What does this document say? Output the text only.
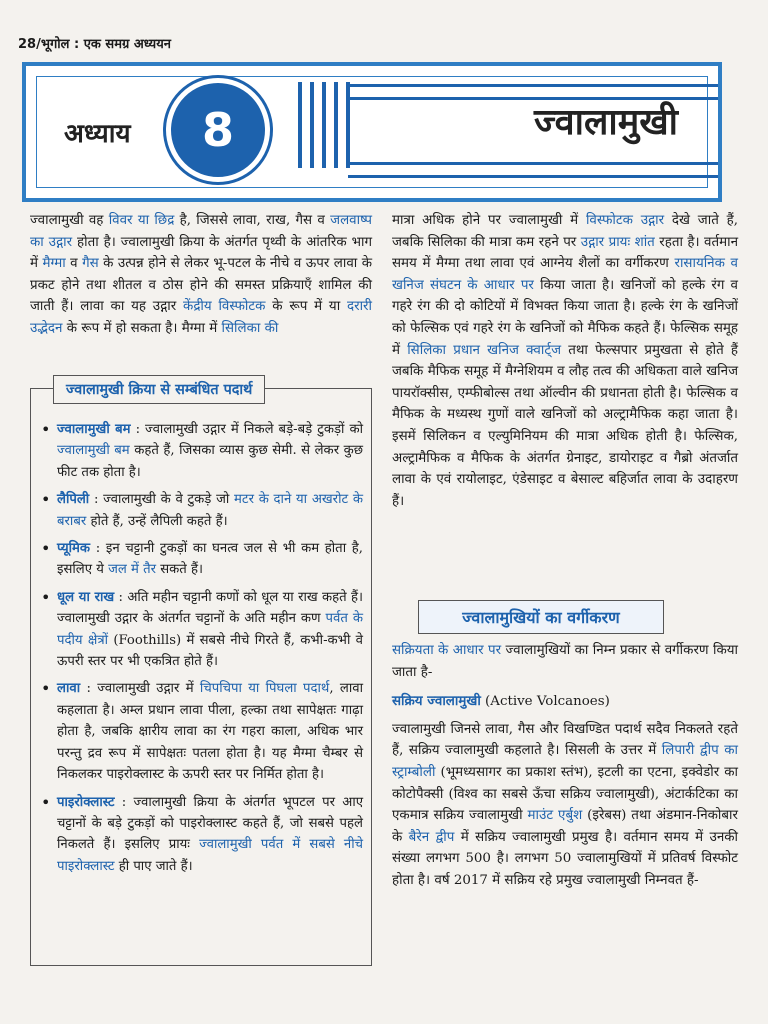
28/भूगोल : एक समग्र अध्ययन
अध्याय	8	ज्वालामुखी

ज्वालामुखी वह विवर या छिद्र है, जिससे लावा, राख, गैस व जलवाष्प का उद्गार होता है। ज्वालामुखी क्रिया के अंतर्गत पृथ्वी के आंतरिक भाग में मैग्मा व गैस के उत्पन्न होने से लेकर भू-पटल के नीचे व ऊपर लावा के प्रकट होने तथा शीतल व ठोस होने की समस्त प्रक्रियाएँ शामिल की जाती हैं। लावा का यह उद्गार केंद्रीय विस्फोटक के रूप में या दरारी उद्भेदन के रूप में हो सकता है। मैग्मा में सिलिका की

ज्वालामुखी क्रिया से सम्बंधित पदार्थ
• ज्वालामुखी बम : ज्वालामुखी उद्गार में निकले बड़े-बड़े टुकड़ों को ज्वालामुखी बम कहते हैं, जिसका व्यास कुछ सेमी. से लेकर कुछ फीट तक होता है।
• लैपिली : ज्वालामुखी के वे टुकड़े जो मटर के दाने या अखरोट के बराबर होते हैं, उन्हें लैपिली कहते हैं।
• प्यूमिक : इन चट्टानी टुकड़ों का घनत्व जल से भी कम होता है, इसलिए ये जल में तैर सकते हैं।
• धूल या राख : अति महीन चट्टानी कणों को धूल या राख कहते हैं। ज्वालामुखी उद्गार के अंतर्गत चट्टानों के अति महीन कण पर्वत के पदीय क्षेत्रों (Foothills) में सबसे नीचे गिरते हैं, कभी-कभी वे ऊपरी स्तर पर भी एकत्रित होते हैं।
• लावा : ज्वालामुखी उद्गार में चिपचिपा या पिघला पदार्थ, लावा कहलाता है। अम्ल प्रधान लावा पीला, हल्का तथा सापेक्षतः गाढ़ा होता है, जबकि क्षारीय लावा का रंग गहरा काला, अधिक भार परन्तु द्रव रूप में सापेक्षतः पतला होता है। यह मैग्मा चैम्बर से निकलकर पाइरोक्लास्ट के ऊपरी स्तर पर निर्मित होता है।
• पाइरोक्लास्ट : ज्वालामुखी क्रिया के अंतर्गत भूपटल पर आए चट्टानों के बड़े टुकड़ों को पाइरोक्लास्ट कहते हैं, जो सबसे पहले निकलते हैं। इसलिए प्रायः ज्वालामुखी पर्वत में सबसे नीचे पाइरोक्लास्ट ही पाए जाते हैं।

मात्रा अधिक होने पर ज्वालामुखी में विस्फोटक उद्गार देखे जाते हैं, जबकि सिलिका की मात्रा कम रहने पर उद्गार प्रायः शांत रहता है। वर्तमान समय में मैग्मा तथा लावा एवं आग्नेय शैलों का वर्गीकरण रासायनिक व खनिज संघटन के आधार पर किया जाता है। खनिजों को हल्के रंग व गहरे रंग की दो कोटियों में विभक्त किया जाता है। हल्के रंग के खनिजों को फेल्सिक एवं गहरे रंग के खनिजों को मैफिक कहते हैं। फेल्सिक समूह में सिलिका प्रधान खनिज क्वार्ट्ज तथा फेल्सपार प्रमुखता से होते हैं जबकि मैफिक समूह में मैग्नेशियम व लौह तत्व की अधिकता वाले खनिज पायरॉक्सीस, एम्फीबोल्स तथा ऑल्वीन की प्रधानता होती है। फेल्सिक व मैफिक के मध्यस्थ गुणों वाले खनिजों को अल्ट्रामैफिक कहा जाता है। इसमें सिलिकन व एल्युमिनियम की मात्रा अधिक होती है। फेल्सिक, अल्ट्रामैफिक व मैफिक के अंतर्गत ग्रेनाइट, डायोराइट व गैब्रो अंतर्जात लावा के एवं रायोलाइट, एंडेसाइट व बेसाल्ट बहिर्जात लावा के उदाहरण हैं।

ज्वालामुखियों का वर्गीकरण

सक्रियता के आधार पर ज्वालामुखियों का निम्न प्रकार से वर्गीकरण किया जाता है-

सक्रिय ज्वालामुखी (Active Volcanoes)

ज्वालामुखी जिनसे लावा, गैस और विखण्डित पदार्थ सदैव निकलते रहते हैं, सक्रिय ज्वालामुखी कहलाते है। सिसली के उत्तर में लिपारी द्वीप का स्ट्राम्बोली (भूमध्यसागर का प्रकाश स्तंभ), इटली का एटना, इक्वेडोर का कोटोपैक्सी (विश्व का सबसे ऊँचा सक्रिय ज्वालामुखी), अंटार्कटिका का एकमात्र सक्रिय ज्वालामुखी माउंट एर्बुश (इरेबस) तथा अंडमान-निकोबार के बैरेन द्वीप में सक्रिय ज्वालामुखी प्रमुख है। वर्तमान समय में उनकी संख्या लगभग 500 है। लगभग 50 ज्वालामुखियों में प्रतिवर्ष विस्फोट होता है। वर्ष 2017 में सक्रिय रहे प्रमुख ज्वालामुखी निम्नवत हैं-
